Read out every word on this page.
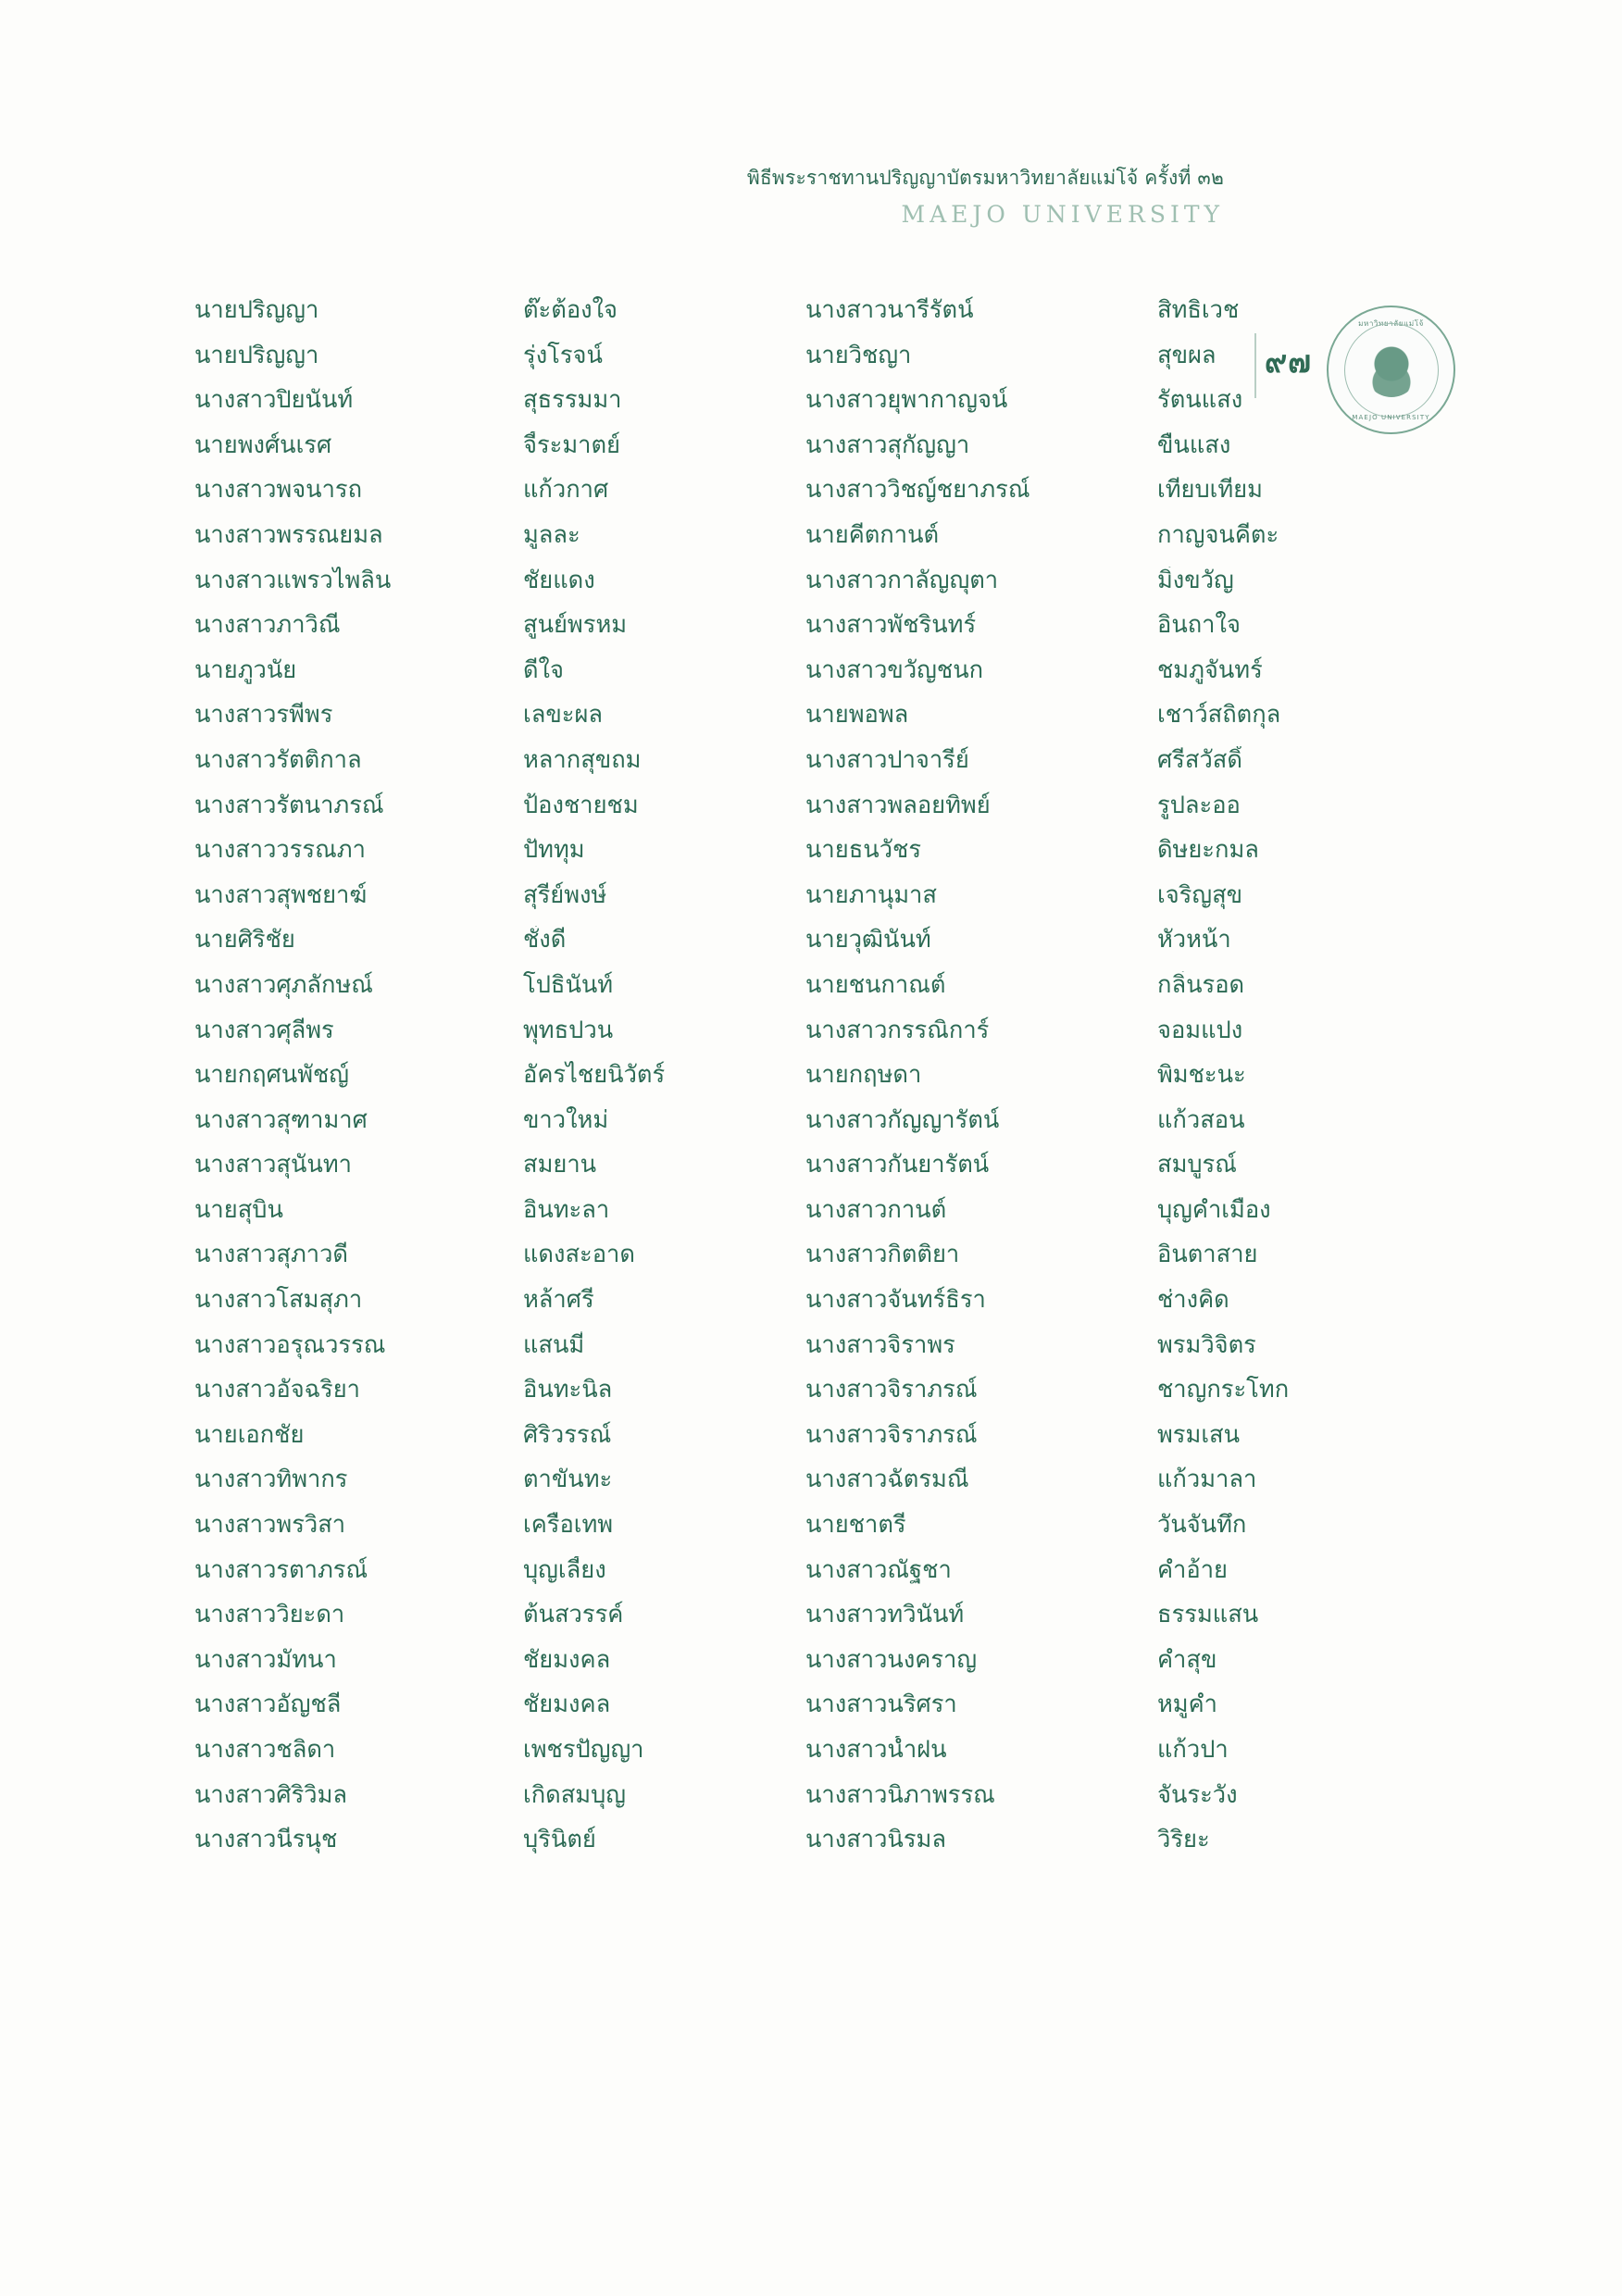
พิธีพระราชทานปริญญาบัตรมหาวิทยาลัยแม่โจ้ ครั้งที่ ๓๒
MAEJO UNIVERSITY
๙๗
มหาวิทยาลัยแม่โจ้
MAEJO UNIVERSITY
นายปริญญา	ต๊ะต้องใจ	นางสาวนารีรัตน์	สิทธิเวช
นายปริญญา	รุ่งโรจน์	นายวิชญา	สุขผล
นางสาวปิยนันท์	สุธรรมมา	นางสาวยุพากาญจน์	รัตนแสง
นายพงศ์นเรศ	จี้ระมาตย์	นางสาวสุกัญญา	ขืนแสง
นางสาวพจนารถ	แก้วกาศ	นางสาววิชญ์ชยาภรณ์	เทียบเทียม
นางสาวพรรณยมล	มูลละ	นายคีตกานต์	กาญจนคีตะ
นางสาวแพรวไพลิน	ชัยแดง	นางสาวกาลัญญุตา	มิ่งขวัญ
นางสาวภาวิณี	สูนย์พรหม	นางสาวพัชรินทร์	อินถาใจ
นายภูวนัย	ดีใจ	นางสาวขวัญชนก	ชมภูจันทร์
นางสาวรพีพร	เลขะผล	นายพอพล	เชาว์สถิตกุล
นางสาวรัตติกาล	หลากสุขถม	นางสาวปาจารีย์	ศรีสวัสดิ์
นางสาวรัตนาภรณ์	ป้องชายชม	นางสาวพลอยทิพย์	รูปละออ
นางสาววรรณภา	ปัททุม	นายธนวัชร	ดิษยะกมล
นางสาวสุพชยาฆ์	สุรีย์พงษ์	นายภานุมาส	เจริญสุข
นายศิริชัย	ชั่งดี	นายวุฒินันท์	หัวหน้า
นางสาวศุภลักษณ์	โปธินันท์	นายชนกาณต์	กลิ่นรอด
นางสาวศุลีพร	พุทธปวน	นางสาวกรรณิการ์	จอมแปง
นายกฤศนพัชญ์	อัครไชยนิวัตร์	นายกฤษดา	พิมชะนะ
นางสาวสุฑามาศ	ขาวใหม่	นางสาวกัญญารัตน์	แก้วสอน
นางสาวสุนันทา	สมยาน	นางสาวกันยารัตน์	สมบูรณ์
นายสุบิน	อินทะลา	นางสาวกานต์	บุญคำเมือง
นางสาวสุภาวดี	แดงสะอาด	นางสาวกิตติยา	อินตาสาย
นางสาวโสมสุภา	หล้าศรี	นางสาวจันทร์ธิรา	ช่างคิด
นางสาวอรุณวรรณ	แสนมี่	นางสาวจิราพร	พรมวิจิตร
นางสาวอัจฉริยา	อินทะนิล	นางสาวจิราภรณ์	ชาญกระโทก
นายเอกชัย	ศิริวรรณ์	นางสาวจิราภรณ์	พรมเสน
นางสาวทิพากร	ตาขันทะ	นางสาวฉัตรมณี	แก้วมาลา
นางสาวพรวิสา	เครือเทพ	นายชาตรี	วันจันทึก
นางสาวรตาภรณ์	บุญเลี้ยง	นางสาวณัฐชา	คำอ้าย
นางสาววิยะดา	ต้นสวรรค์	นางสาวทวินันท์	ธรรมแสน
นางสาวมัทนา	ชัยมงคล	นางสาวนงคราญ	คำสุข
นางสาวอัญชลี	ชัยมงคล	นางสาวนริศรา	หมูคำ
นางสาวชลิดา	เพชรปัญญา	นางสาวน้ำฝน	แก้วปา
นางสาวศิริวิมล	เกิดสมบุญ	นางสาวนิภาพรรณ	จันระวัง
นางสาวนีรนุช	บุรินิตย์	นางสาวนิรมล	วิริยะ
